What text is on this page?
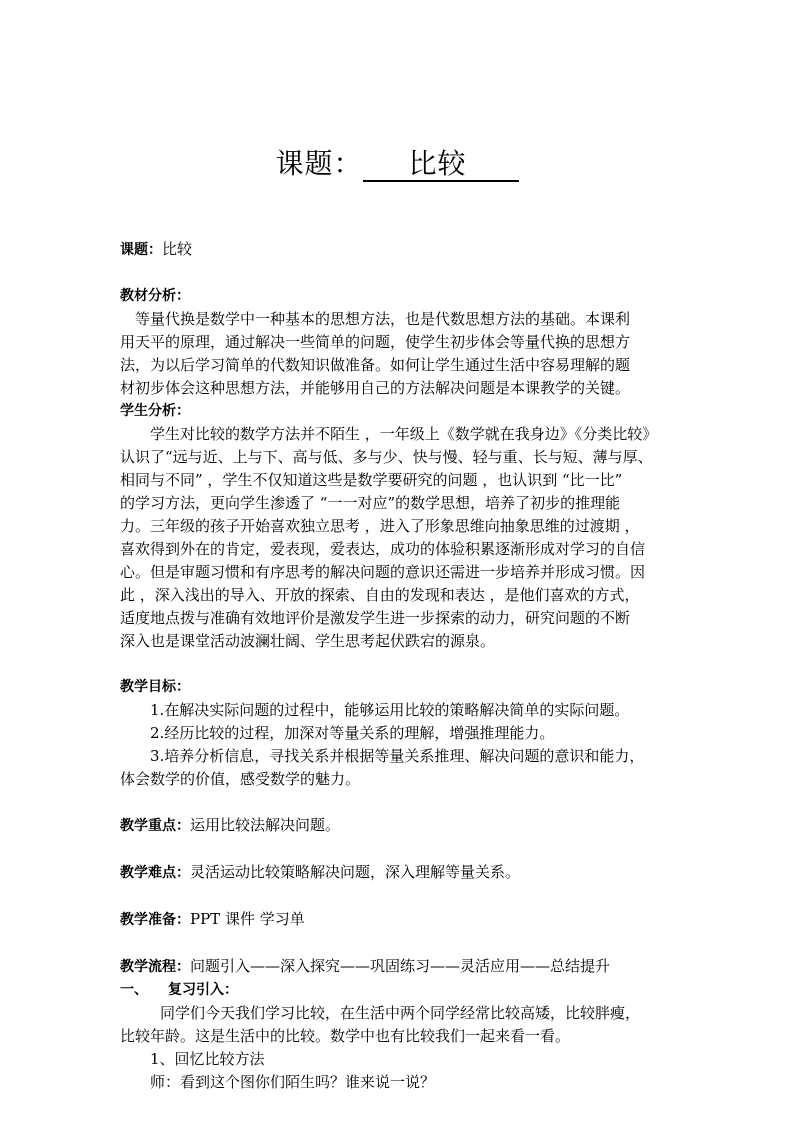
课题： 比较

课题：比较

教材分析：

等量代换是数学中一种基本的思想方法，也是代数思想方法的基础。本课利

用天平的原理，通过解决一些简单的问题，使学生初步体会等量代换的思想方

法，为以后学习简单的代数知识做准备。如何让学生通过生活中容易理解的题

材初步体会这种思想方法，并能够用自己的方法解决问题是本课教学的关键。

学生分析：

学生对比较的数学方法并不陌生 ，一年级上《数学就在我身边》《分类比较》

认识了“远与近、上与下、高与低、多与少、快与慢、轻与重、长与短、薄与厚、

相同与不同” ，学生不仅知道这些是数学要研究的问题 ，也认识到 “比一比”

的学习方法，更向学生渗透了 “一一对应”的数学思想，培养了初步的推理能

力。三年级的孩子开始喜欢独立思考 ，进入了形象思维向抽象思维的过渡期 ，

喜欢得到外在的肯定，爱表现，爱表达，成功的体验积累逐渐形成对学习的自信

心。但是审题习惯和有序思考的解决问题的意识还需进一步培养并形成习惯。因

此 ，深入浅出的导入、开放的探索、自由的发现和表达 ，是他们喜欢的方式，

适度地点拨与准确有效地评价是激发学生进一步探索的动力，研究问题的不断

深入也是课堂活动波澜壮阔、学生思考起伏跌宕的源泉。

教学目标：

1.在解决实际问题的过程中，能够运用比较的策略解决简单的实际问题。

2.经历比较的过程，加深对等量关系的理解，增强推理能力。

3.培养分析信息，寻找关系并根据等量关系推理、解决问题的意识和能力，

体会数学的价值，感受数学的魅力。

教学重点：运用比较法解决问题。

教学难点：灵活运动比较策略解决问题，深入理解等量关系。

教学准备：PPT 课件 学习单

教学流程：问题引入——深入探究——巩固练习——灵活应用——总结提升

一、	复习引入：

同学们今天我们学习比较，在生活中两个同学经常比较高矮，比较胖瘦，

比较年龄。这是生活中的比较。数学中也有比较我们一起来看一看。

1、回忆比较方法

师：看到这个图你们陌生吗？谁来说一说？
